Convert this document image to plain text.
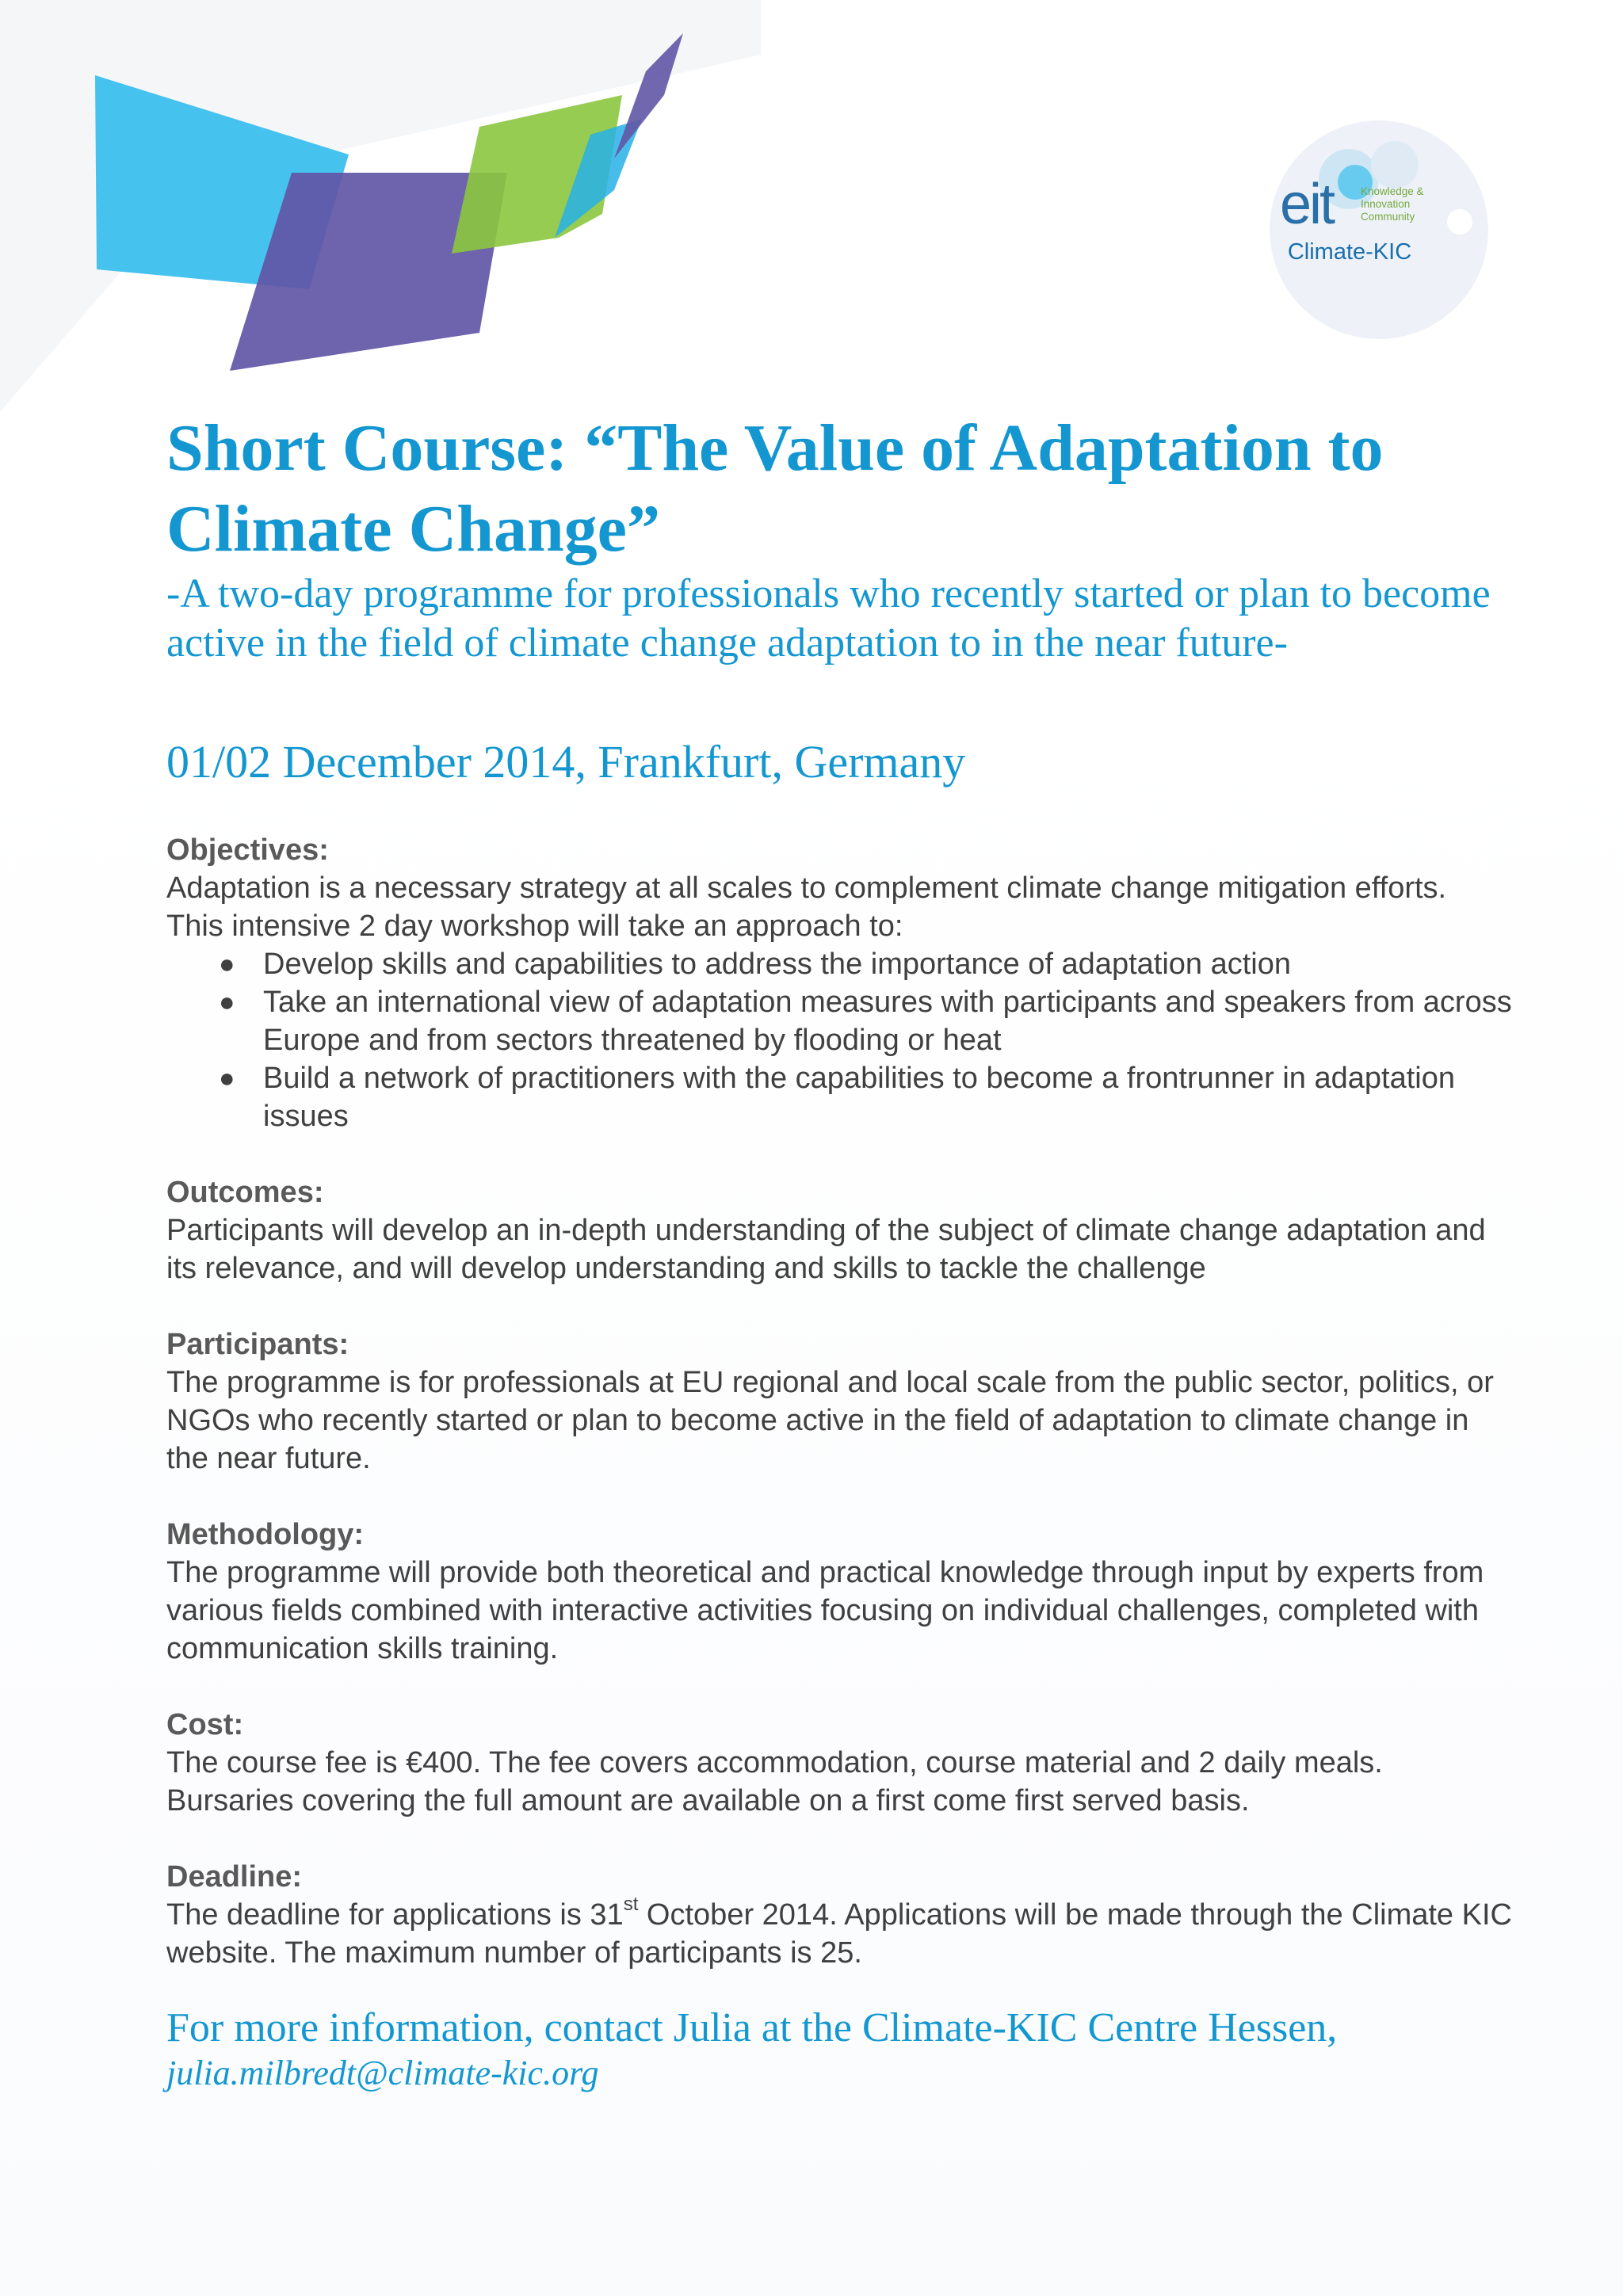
eit	Knowledge &
Innovation
Community
Climate-KIC
Short Course: “The Value of Adaptation to Climate Change”

-A two-day programme for professionals who recently started or plan to become active in the field of climate change adaptation to in the near future-

01/02 December 2014, Frankfurt, Germany

Objectives:

Adaptation is a necessary strategy at all scales to complement climate change mitigation efforts.

This intensive 2 day workshop will take an approach to:

● Develop skills and capabilities to address the importance of adaptation action
● Take an international view of adaptation measures with participants and speakers from across Europe and from sectors threatened by flooding or heat
● Build a network of practitioners with the capabilities to become a frontrunner in adaptation issues

Outcomes:

Participants will develop an in-depth understanding of the subject of climate change adaptation and its relevance, and will develop understanding and skills to tackle the challenge

Participants:

The programme is for professionals at EU regional and local scale from the public sector, politics, or NGOs who recently started or plan to become active in the field of adaptation to climate change in the near future.

Methodology:

The programme will provide both theoretical and practical knowledge through input by experts from various fields combined with interactive activities focusing on individual challenges, completed with communication skills training.

Cost:

The course fee is €400. The fee covers accommodation, course material and 2 daily meals.

Bursaries covering the full amount are available on a first come first served basis.

Deadline:

The deadline for applications is 31st October 2014. Applications will be made through the Climate KIC website. The maximum number of participants is 25.

For more information, contact Julia at the Climate-KIC Centre Hessen,

julia.milbredt@climate-kic.org
